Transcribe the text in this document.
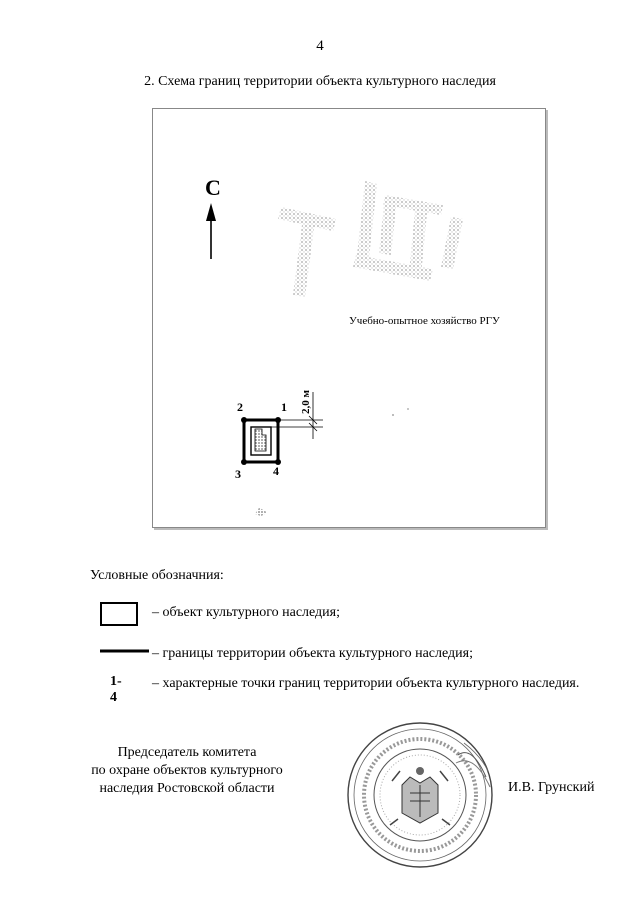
4
2. Схема границ территории объекта культурного наследия
С
Учебно-опытное хозяйство РГУ
2	1
3	4
2,0 м
Условные обозначния:
– объект культурного наследия;
– границы территории объекта культурного наследия;
1-4
– характерные точки границ территории объекта культурного наследия.
Председатель комитета
по охране объектов культурного
наследия Ростовской области	И.В. Грунский
